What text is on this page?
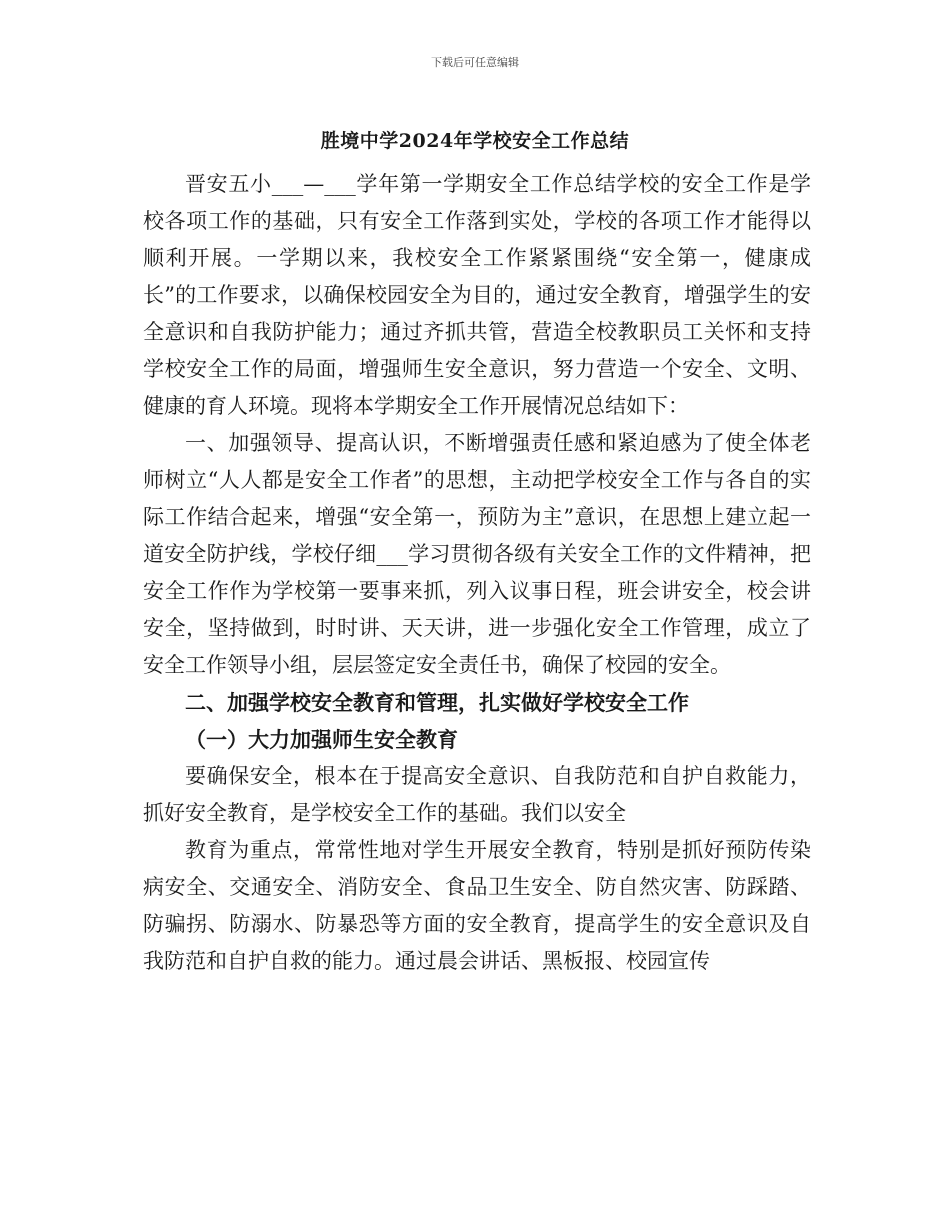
下载后可任意编辑
胜境中学2024年学校安全工作总结

晋安五小___—___学年第一学期安全工作总结学校的安全工作是学校各项工作的基础，只有安全工作落到实处，学校的各项工作才能得以顺利开展。一学期以来，我校安全工作紧紧围绕“安全第一，健康成长”的工作要求，以确保校园安全为目的，通过安全教育，增强学生的安全意识和自我防护能力；通过齐抓共管，营造全校教职员工关怀和支持学校安全工作的局面，增强师生安全意识，努力营造一个安全、文明、健康的育人环境。现将本学期安全工作开展情况总结如下：

一、加强领导、提高认识，不断增强责任感和紧迫感为了使全体老师树立“人人都是安全工作者”的思想，主动把学校安全工作与各自的实际工作结合起来，增强“安全第一，预防为主”意识，在思想上建立起一道安全防护线，学校仔细___学习贯彻各级有关安全工作的文件精神，把安全工作作为学校第一要事来抓，列入议事日程，班会讲安全，校会讲安全，坚持做到，时时讲、天天讲，进一步强化安全工作管理，成立了安全工作领导小组，层层签定安全责任书，确保了校园的安全。

二、加强学校安全教育和管理，扎实做好学校安全工作

（一）大力加强师生安全教育

要确保安全，根本在于提高安全意识、自我防范和自护自救能力，抓好安全教育，是学校安全工作的基础。我们以安全

教育为重点，常常性地对学生开展安全教育，特别是抓好预防传染病安全、交通安全、消防安全、食品卫生安全、防自然灾害、防踩踏、防骗拐、防溺水、防暴恐等方面的安全教育，提高学生的安全意识及自我防范和自护自救的能力。通过晨会讲话、黑板报、校园宣传
